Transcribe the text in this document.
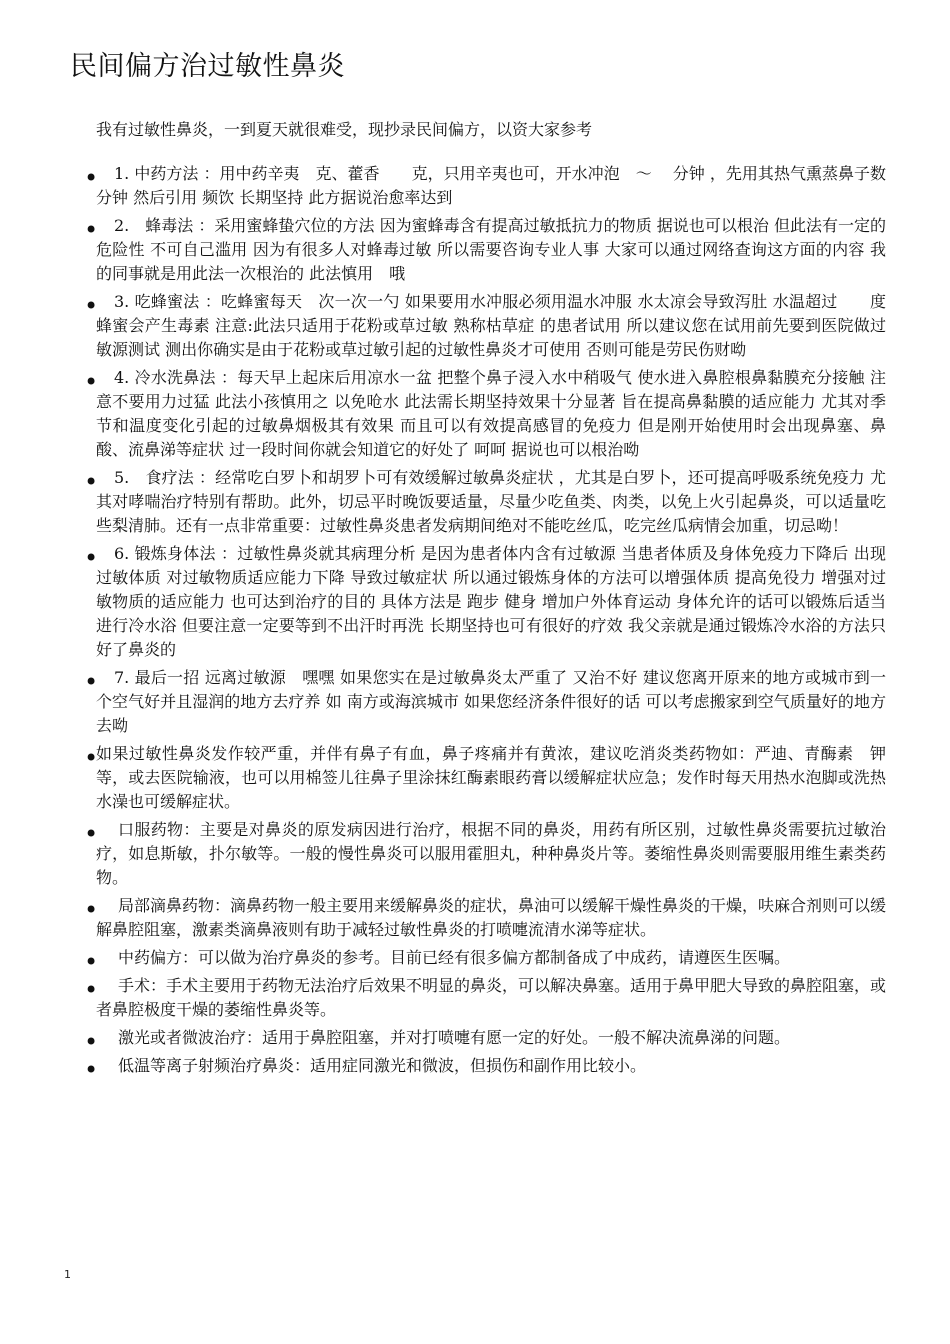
民间偏方治过敏性鼻炎
我有过敏性鼻炎，一到夏天就很难受，现抄录民间偏方，以资大家参考
• 1. 中药方法 ：用中药辛夷　克、藿香　　克，只用辛夷也可，开水冲泡　～　 分钟 ，先用其热气熏蒸鼻子数分钟 然后引用 频饮 长期坚持 此方据说治愈率达到
• 2.　蜂毒法 ：采用蜜蜂蛰穴位的方法 因为蜜蜂毒含有提高过敏抵抗力的物质 据说也可以根治 但此法有一定的危险性 不可自己滥用 因为有很多人对蜂毒过敏 所以需要咨询专业人事 大家可以通过网络查询这方面的内容 我的同事就是用此法一次根治的 此法慎用　哦
• 3. 吃蜂蜜法 ：吃蜂蜜每天　次一次一勺 如果要用水冲服必须用温水冲服 水太凉会导致泻肚 水温超过　　度 蜂蜜会产生毒素 注意:此法只适用于花粉或草过敏 熟称枯草症 的患者试用 所以建议您在试用前先要到医院做过敏源测试 测出你确实是由于花粉或草过敏引起的过敏性鼻炎才可使用 否则可能是劳民伤财呦
• 4. 冷水洗鼻法 ：每天早上起床后用凉水一盆 把整个鼻子浸入水中稍吸气 使水进入鼻腔根鼻黏膜充分接触 注意不要用力过猛 此法小孩慎用之 以免呛水 此法需长期坚持效果十分显著 旨在提高鼻黏膜的适应能力 尤其对季节和温度变化引起的过敏鼻烟极其有效果 而且可以有效提高感冒的免疫力 但是刚开始使用时会出现鼻塞、鼻酸、流鼻涕等症状 过一段时间你就会知道它的好处了 呵呵 据说也可以根治呦
• 5.　食疗法 ：经常吃白罗卜和胡罗卜可有效缓解过敏鼻炎症状 ，尤其是白罗卜，还可提高呼吸系统免疫力 尤其对哮喘治疗特别有帮助。此外，切忌平时晚饭要适量，尽量少吃鱼类、肉类，以免上火引起鼻炎，可以适量吃些梨清肺。还有一点非常重要：过敏性鼻炎患者发病期间绝对不能吃丝瓜，吃完丝瓜病情会加重，切忌呦！
• 6. 锻炼身体法 ：过敏性鼻炎就其病理分析 是因为患者体内含有过敏源 当患者体质及身体免疫力下降后 出现过敏体质 对过敏物质适应能力下降 导致过敏症状 所以通过锻炼身体的方法可以增强体质 提高免役力 增强对过敏物质的适应能力 也可达到治疗的目的 具体方法是 跑步 健身 增加户外体育运动 身体允许的话可以锻炼后适当进行冷水浴 但要注意一定要等到不出汗时再洗 长期坚持也可有很好的疗效 我父亲就是通过锻炼冷水浴的方法只好了鼻炎的
• 7. 最后一招 远离过敏源　嘿嘿 如果您实在是过敏鼻炎太严重了 又治不好 建议您离开原来的地方或城市到一个空气好并且湿润的地方去疗养 如 南方或海滨城市 如果您经济条件很好的话 可以考虑搬家到空气质量好的地方去呦
•
如果过敏性鼻炎发作较严重，并伴有鼻子有血，鼻子疼痛并有黄浓，建议吃消炎类药物如：严迪、青酶素　钾等，或去医院输液，也可以用棉签儿往鼻子里涂抹红酶素眼药膏以缓解症状应急；发作时每天用热水泡脚或洗热水澡也可缓解症状。
•	口服药物：主要是对鼻炎的原发病因进行治疗，根据不同的鼻炎，用药有所区别，过敏性鼻炎需要抗过敏治疗，如息斯敏，扑尔敏等。一般的慢性鼻炎可以服用霍胆丸，种种鼻炎片等。萎缩性鼻炎则需要服用维生素类药物。
•	局部滴鼻药物：滴鼻药物一般主要用来缓解鼻炎的症状，鼻油可以缓解干燥性鼻炎的干燥，呋麻合剂则可以缓解鼻腔阻塞，激素类滴鼻液则有助于减轻过敏性鼻炎的打喷嚏流清水涕等症状。
•	中药偏方：可以做为治疗鼻炎的参考。目前已经有很多偏方都制备成了中成药，请遵医生医嘱。
•	手术：手术主要用于药物无法治疗后效果不明显的鼻炎，可以解决鼻塞。适用于鼻甲肥大导致的鼻腔阻塞，或者鼻腔极度干燥的萎缩性鼻炎等。
•	激光或者微波治疗：适用于鼻腔阻塞，并对打喷嚏有愿一定的好处。一般不解决流鼻涕的问题。
•	低温等离子射频治疗鼻炎：适用症同激光和微波，但损伤和副作用比较小。
1
